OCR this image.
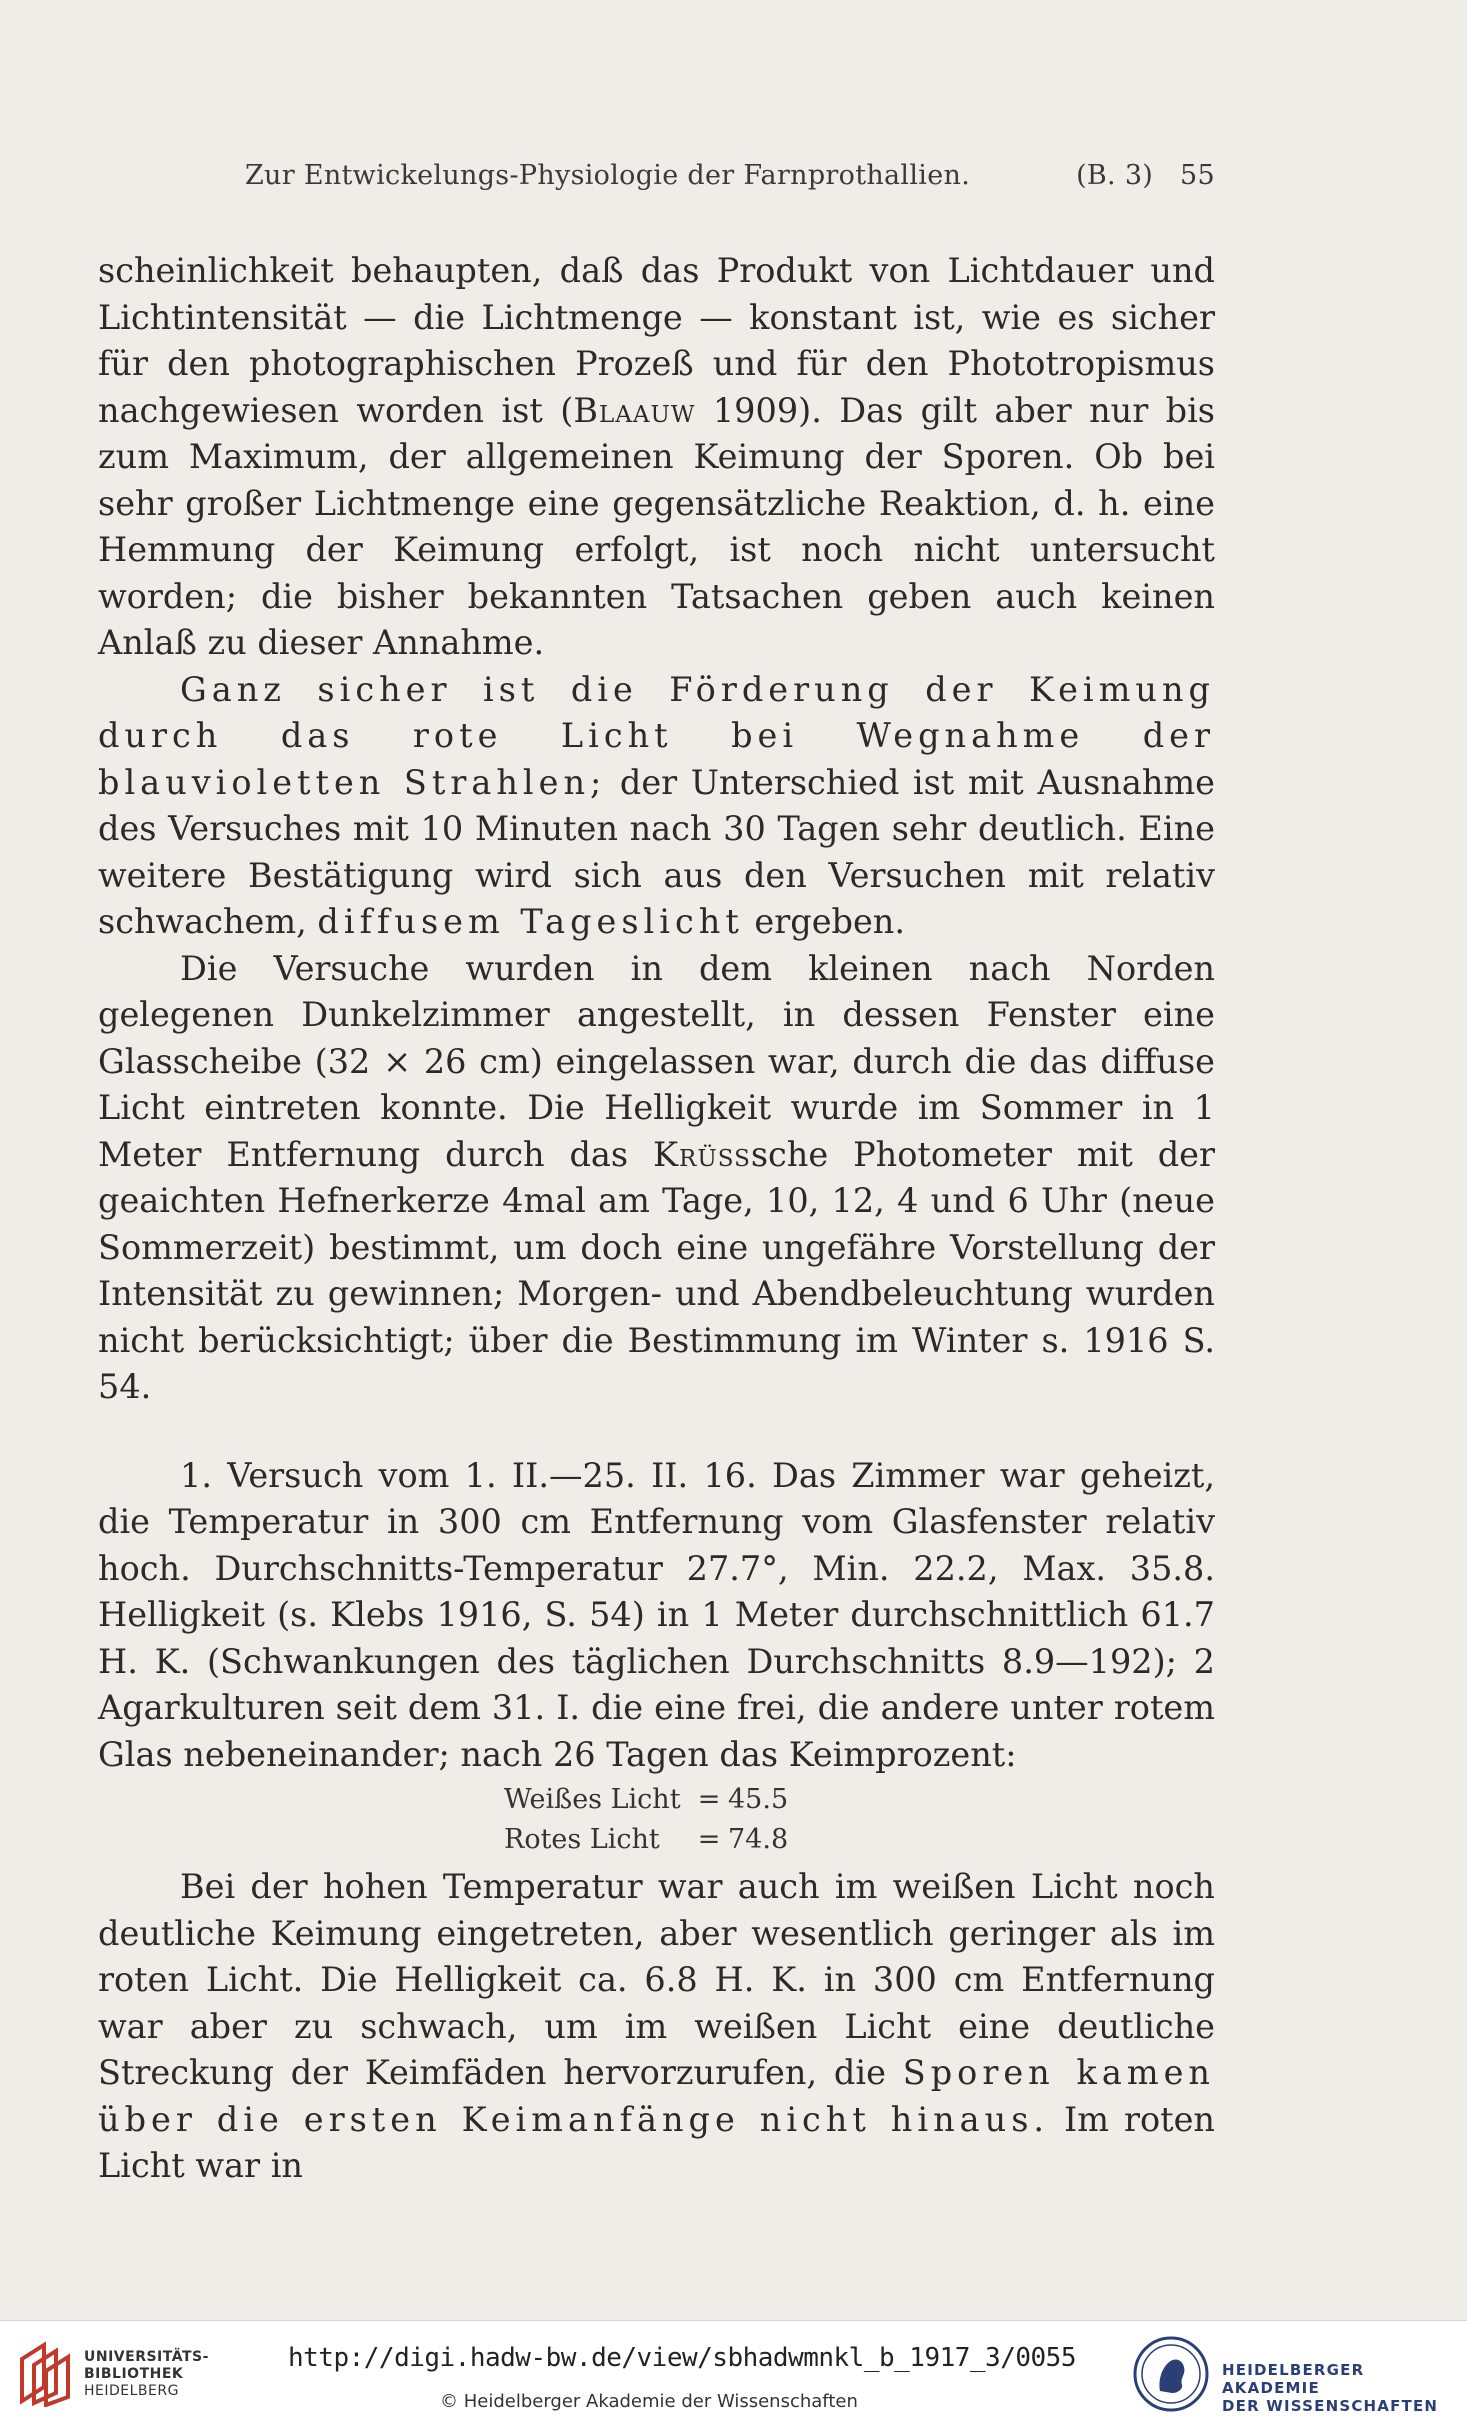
Zur Entwickelungs-Physiologie der Farnprothallien.	(B. 3) 55

scheinlichkeit behaupten, daß das Produkt von Lichtdauer und Lichtintensität — die Lichtmenge — konstant ist, wie es sicher für den photographischen Prozeß und für den Phototropismus nachgewiesen worden ist (Blaauw 1909). Das gilt aber nur bis zum Maximum, der allgemeinen Keimung der Sporen. Ob bei sehr großer Lichtmenge eine gegensätzliche Reaktion, d. h. eine Hemmung der Keimung erfolgt, ist noch nicht untersucht worden; die bisher bekannten Tatsachen geben auch keinen Anlaß zu dieser Annahme.

Ganz sicher ist die Förderung der Keimung durch das rote Licht bei Wegnahme der blauvioletten Strahlen; der Unterschied ist mit Ausnahme des Versuches mit 10 Minuten nach 30 Tagen sehr deutlich. Eine weitere Bestätigung wird sich aus den Versuchen mit relativ schwachem, diffusem Tageslicht ergeben.

Die Versuche wurden in dem kleinen nach Norden gelegenen Dunkelzimmer angestellt, in dessen Fenster eine Glasscheibe (32 × 26 cm) eingelassen war, durch die das diffuse Licht eintreten konnte. Die Helligkeit wurde im Sommer in 1 Meter Entfernung durch das Krüsssche Photometer mit der geaichten Hefnerkerze 4mal am Tage, 10, 12, 4 und 6 Uhr (neue Sommerzeit) bestimmt, um doch eine ungefähre Vorstellung der Intensität zu gewinnen; Morgen- und Abendbeleuchtung wurden nicht berücksichtigt; über die Bestimmung im Winter s. 1916 S. 54.

1. Versuch vom 1. II.—25. II. 16. Das Zimmer war geheizt, die Temperatur in 300 cm Entfernung vom Glasfenster relativ hoch. Durchschnitts-Temperatur 27.7°, Min. 22.2, Max. 35.8. Helligkeit (s. Klebs 1916, S. 54) in 1 Meter durchschnittlich 61.7 H. K. (Schwankungen des täglichen Durchschnitts 8.9—192); 2 Agarkulturen seit dem 31. I. die eine frei, die andere unter rotem Glas nebeneinander; nach 26 Tagen das Keimprozent:

Weißes Licht = 45.5
Rotes Licht	= 74.8

Bei der hohen Temperatur war auch im weißen Licht noch deutliche Keimung eingetreten, aber wesentlich geringer als im roten Licht. Die Helligkeit ca. 6.8 H. K. in 300 cm Entfernung war aber zu schwach, um im weißen Licht eine deutliche Streckung der Keimfäden hervorzurufen, die Sporen kamen über die ersten Keimanfänge nicht hinaus. Im roten Licht war in

UNIVERSITÄTS-
BIBLIOTHEK
HEIDELBERG
http://digi.hadw-bw.de/view/sbhadwmnkl_b_1917_3/0055
© Heidelberger Akademie der Wissenschaften
HEIDELBERGER AKADEMIE
DER WISSENSCHAFTEN
